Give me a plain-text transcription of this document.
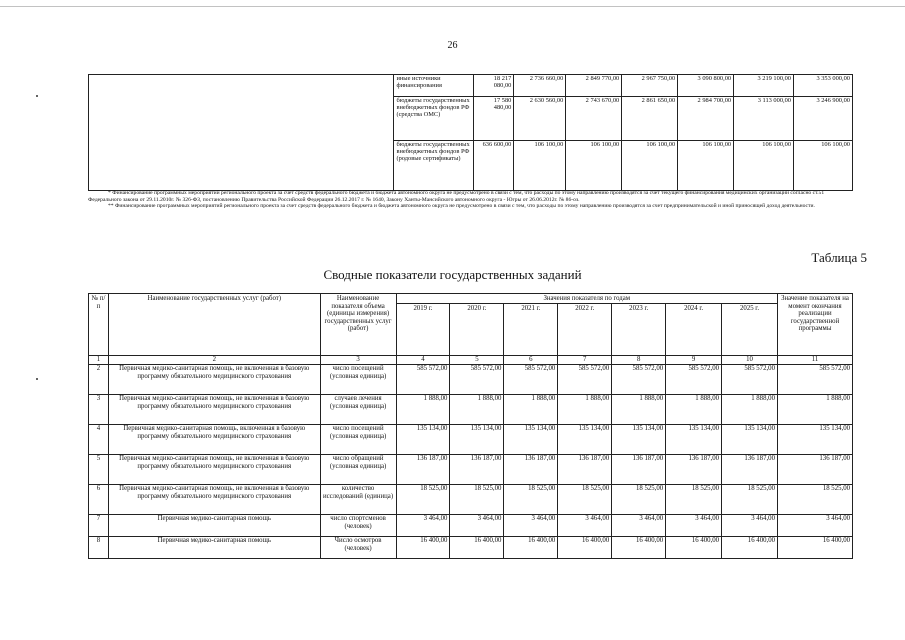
26
	иные источники финансирования	18 217 080,00	2 736 660,00	2 849 770,00	2 967 750,00	3 090 800,00	3 219 100,00	3 353 000,00
	бюджеты государственных внебюджетных фондов РФ (средства ОМС)	17 580 480,00	2 630 560,00	2 743 670,00	2 861 650,00	2 984 700,00	3 113 000,00	3 246 900,00
	бюджеты государственных внебюджетных фондов РФ (родовые сертификаты)	636 600,00	106 100,00	106 100,00	106 100,00	106 100,00	106 100,00	106 100,00

* Финансирование программных мероприятий регионального проекта за счет средств федерального бюджета и бюджета автономного округа не предусмотрено в связи с тем, что расходы по этому направлению производятся за счет текущего финансирования медицинских организаций согласно ст.51 Федерального закона от 29.11.2010г. № 326-ФЗ, постановлению Правительства Российской Федерации 26.12.2017 г. № 1640, Закону Ханты-Мансийского автономного округа - Югры от 26.06.2012г. № 86-оз.

** Финансирование программных мероприятий регионального проекта за счет средств федерального бюджета и бюджета автономного округа не предусмотрено в связи с тем, что расходы по этому направлению производятся за счет предпринимательской и иной приносящей доход деятельности.

Таблица 5
Сводные показатели государственных заданий
№ п/п	Наименование государственных услуг (работ)	Наименование показателя объема (единицы измерения) государственных услуг (работ)	Значения показателя по годам							Значение показателя на момент окончания реализации государственной программы
			2019 г.	2020 г.	2021 г.	2022 г.	2023 г.	2024 г.	2025 г.	
1	2	3	4	5	6	7	8	9	10	11
2	Первичная медико-санитарная помощь, не включенная в базовую программу обязательного медицинского страхования	число посещений (условная единица)	585 572,00	585 572,00	585 572,00	585 572,00	585 572,00	585 572,00	585 572,00	585 572,00
3	Первичная медико-санитарная помощь, не включенная в базовую программу обязательного медицинского страхования	случаев лечения (условная единица)	1 888,00	1 888,00	1 888,00	1 888,00	1 888,00	1 888,00	1 888,00	1 888,00
4	Первичная медико-санитарная помощь, включенная в базовую программу обязательного медицинского страхования	число посещений (условная единица)	135 134,00	135 134,00	135 134,00	135 134,00	135 134,00	135 134,00	135 134,00	135 134,00
5	Первичная медико-санитарная помощь, не включенная в базовую программу обязательного медицинского страхования	число обращений (условная единица)	136 187,00	136 187,00	136 187,00	136 187,00	136 187,00	136 187,00	136 187,00	136 187,00
6	Первичная медико-санитарная помощь, не включенная в базовую программу обязательного медицинского страхования	количество исследований (единица)	18 525,00	18 525,00	18 525,00	18 525,00	18 525,00	18 525,00	18 525,00	18 525,00
7	Первичная медико-санитарная помощь	число спортсменов (человек)	3 464,00	3 464,00	3 464,00	3 464,00	3 464,00	3 464,00	3 464,00	3 464,00
8	Первичная медико-санитарная помощь	Число осмотров (человек)	16 400,00	16 400,00	16 400,00	16 400,00	16 400,00	16 400,00	16 400,00	16 400,00
